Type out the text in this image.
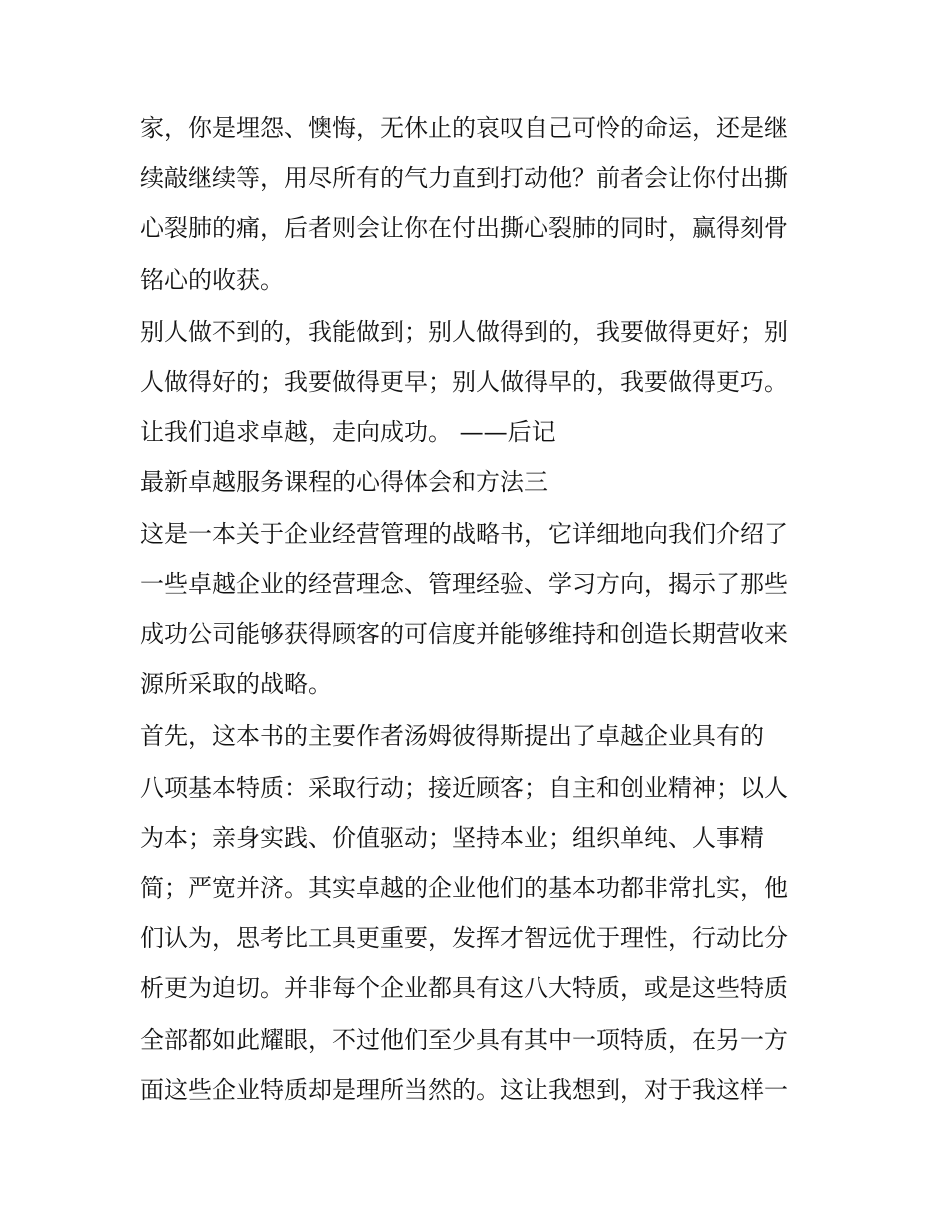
家，你是埋怨、懊悔，无休止的哀叹自己可怜的命运，还是继
续敲继续等，用尽所有的气力直到打动他？前者会让你付出撕
心裂肺的痛，后者则会让你在付出撕心裂肺的同时，赢得刻骨
铭心的收获。
别人做不到的，我能做到；别人做得到的，我要做得更好；别
人做得好的；我要做得更早；别人做得早的，我要做得更巧。
让我们追求卓越，走向成功。 ——后记
最新卓越服务课程的心得体会和方法三
这是一本关于企业经营管理的战略书，它详细地向我们介绍了
一些卓越企业的经营理念、管理经验、学习方向，揭示了那些
成功公司能够获得顾客的可信度并能够维持和创造长期营收来
源所采取的战略。
首先，这本书的主要作者汤姆彼得斯提出了卓越企业具有的
八项基本特质：采取行动；接近顾客；自主和创业精神；以人
为本；亲身实践、价值驱动；坚持本业；组织单纯、人事精
简；严宽并济。其实卓越的企业他们的基本功都非常扎实，他
们认为，思考比工具更重要，发挥才智远优于理性，行动比分
析更为迫切。并非每个企业都具有这八大特质，或是这些特质
全部都如此耀眼，不过他们至少具有其中一项特质，在另一方
面这些企业特质却是理所当然的。这让我想到，对于我这样一
